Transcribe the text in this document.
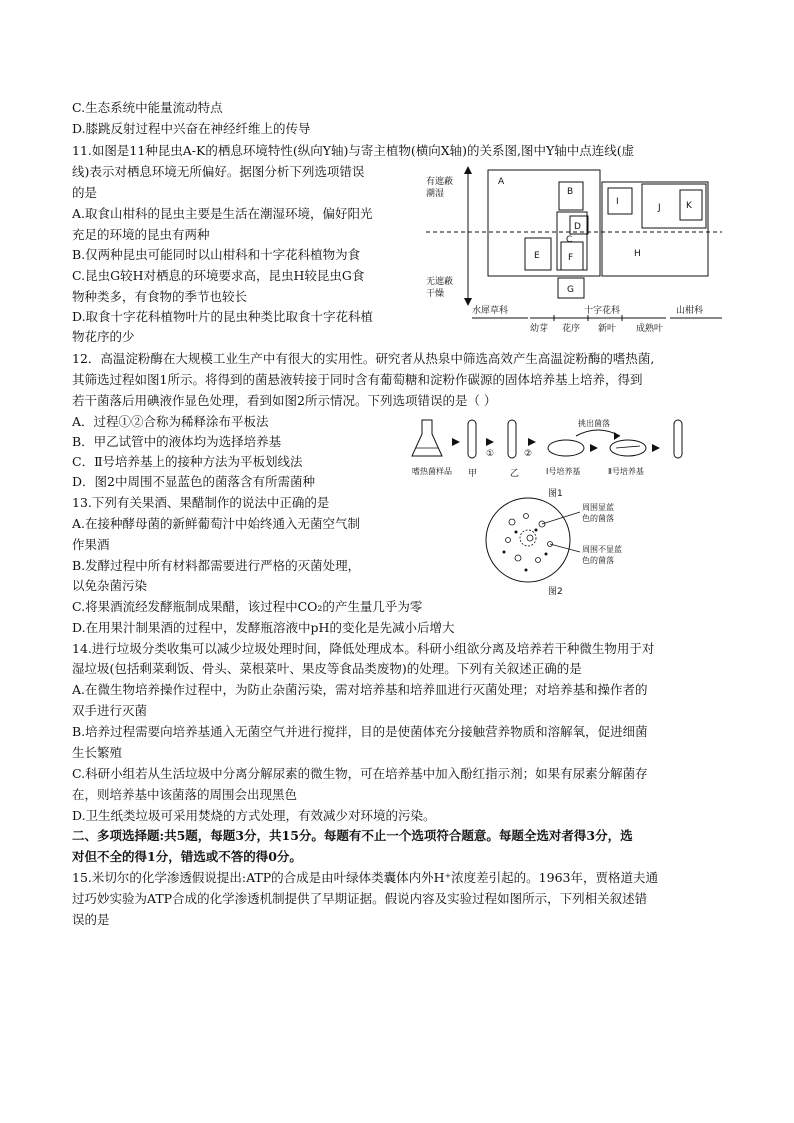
C.生态系统中能量流动特点
D.膝跳反射过程中兴奋在神经纤维上的传导
11.如图是11种昆虫A-K的栖息环境特性(纵向Y轴)与寄主植物(横向X轴)的关系图,图中Y轴中点连线(虚
线)表示对栖息环境无所偏好。据图分析下列选项错误
的是
A.取食山柑科的昆虫主要是生活在潮湿环境，偏好阳光
充足的环境的昆虫有两种
B.仅两种昆虫可能同时以山柑科和十字花科植物为食
C.昆虫G较H对栖息的环境要求高，昆虫H较昆虫G食
物种类多，有食物的季节也较长
D.取食十字花科植物叶片的昆虫种类比取食十字花科植
物花序的少
12．高温淀粉酶在大规模工业生产中有很大的实用性。研究者从热泉中筛选高效产生高温淀粉酶的嗜热菌,
其筛选过程如图1所示。将得到的菌悬液转接于同时含有葡萄糖和淀粉作碳源的固体培养基上培养，得到
若干菌落后用碘液作显色处理，看到如图2所示情况。下列选项错误的是（ ）
A．过程①②合称为稀释涂布平板法
B．甲乙试管中的液体均为选择培养基
C．Ⅱ号培养基上的接种方法为平板划线法
D．图2中周围不显蓝色的菌落含有所需菌种
13.下列有关果酒、果醋制作的说法中正确的是
A.在接种酵母菌的新鲜葡萄汁中始终通入无菌空气制
作果酒
B.发酵过程中所有材料都需要进行严格的灭菌处理，
以免杂菌污染
C.将果酒流经发酵瓶制成果醋，该过程中CO₂的产生量几乎为零
D.在用果汁制果酒的过程中，发酵瓶溶液中pH的变化是先减小后增大
14.进行垃圾分类收集可以减少垃圾处理时间，降低处理成本。科研小组欲分离及培养若干种微生物用于对
湿垃圾(包括剩菜剩饭、骨头、菜根菜叶、果皮等食品类废物)的处理。下列有关叙述正确的是
A.在微生物培养操作过程中，为防止杂菌污染，需对培养基和培养皿进行灭菌处理；对培养基和操作者的
双手进行灭菌
B.培养过程需要向培养基通入无菌空气并进行搅拌，目的是使菌体充分接触营养物质和溶解氧，促进细菌
生长繁殖
C.科研小组若从生活垃圾中分离分解尿素的微生物，可在培养基中加入酚红指示剂；如果有尿素分解菌存
在，则培养基中该菌落的周围会出现黑色
D.卫生纸类垃圾可采用焚烧的方式处理，有效减少对环境的污染。
二、多项选择题:共5题，每题3分，共15分。每题有不止一个选项符合题意。每题全选对者得3分，选
对但不全的得1分，错选或不答的得0分。
15.米切尔的化学渗透假说提出:ATP的合成是由叶绿体类囊体内外H⁺浓度差引起的。1963年，贾格道夫通
过巧妙实验为ATP合成的化学渗透机制提供了早期证据。假说内容及实验过程如图所示，下列相关叙述错
误的是
有遮蔽
潮湿
无遮蔽
干燥
A
B
C
D
E	F
G
H
I
J	K
水犀草科	十字花科	山柑科
幼芽 花序 新叶 成熟叶
嗜热菌样品 甲
①
乙
②
Ⅰ号培养基
挑出菌落
Ⅱ号培养基
图1
周围显蓝
色的菌落
周围不显蓝
色的菌落
图2
